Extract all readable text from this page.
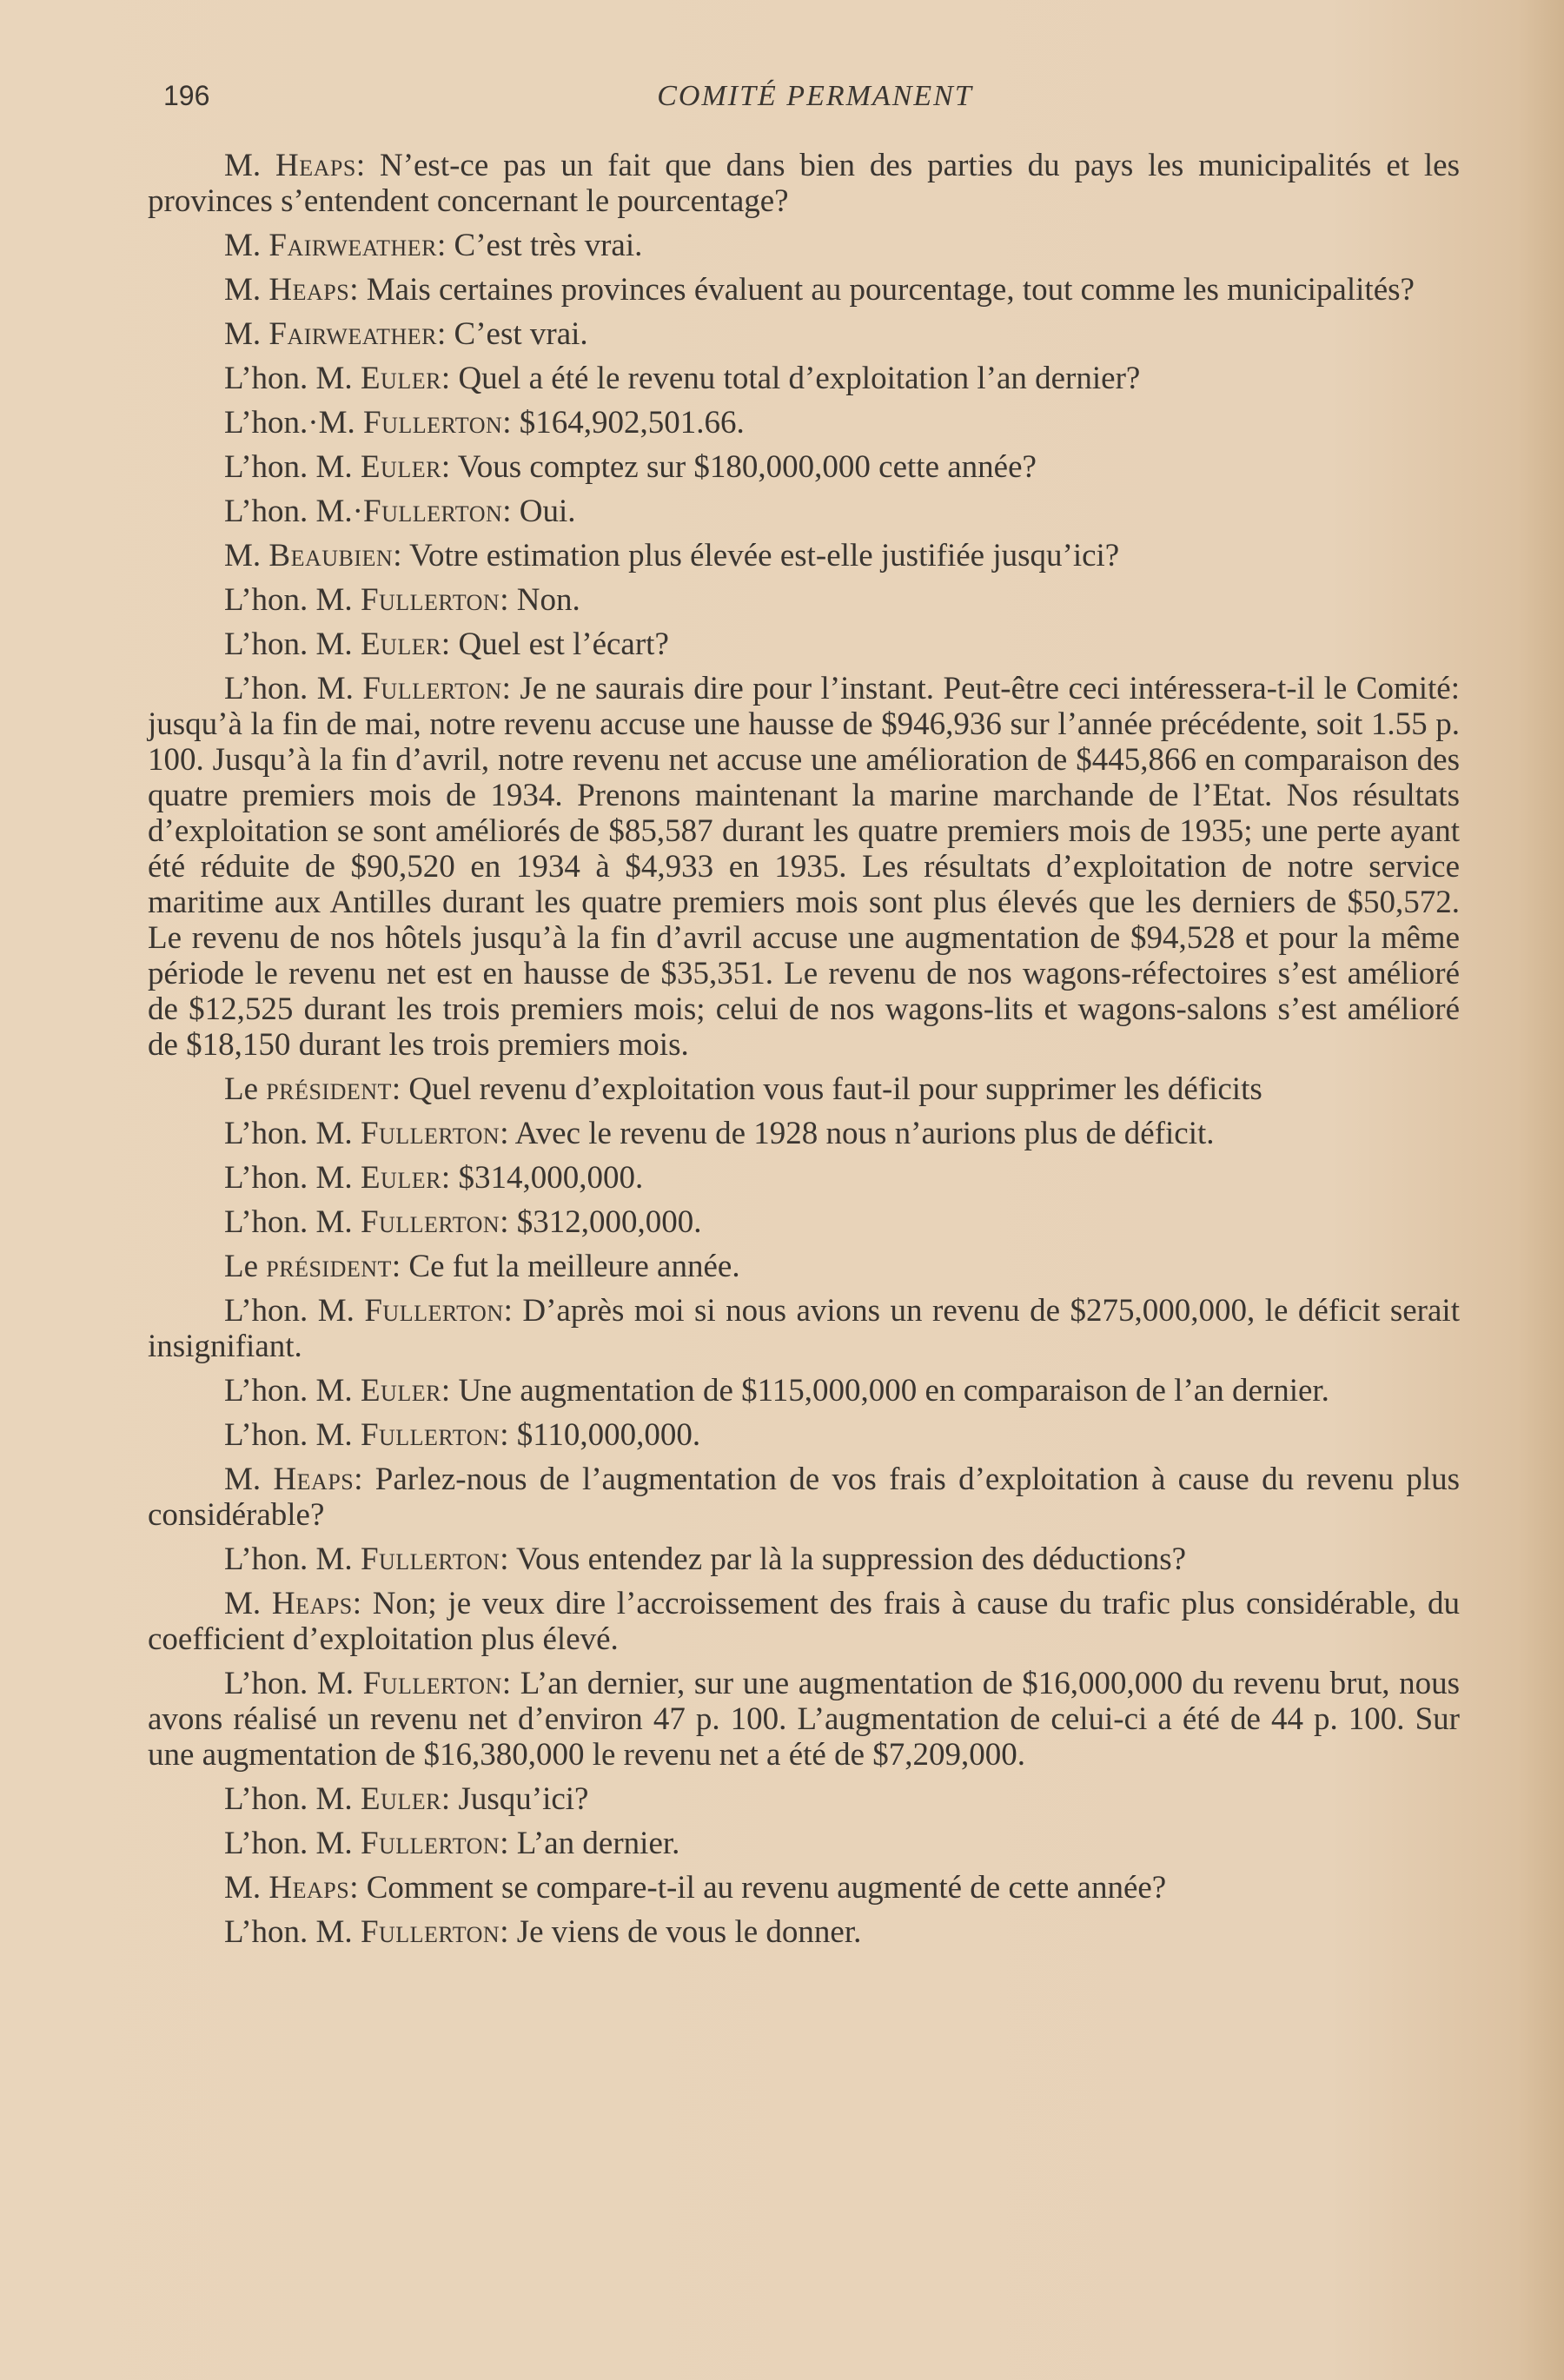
196	COMITÉ PERMANENT

M. Heaps: N’est-ce pas un fait que dans bien des parties du pays les municipalités et les provinces s’entendent concernant le pourcentage?

M. Fairweather: C’est très vrai.

M. Heaps: Mais certaines provinces évaluent au pourcentage, tout comme les municipalités?

M. Fairweather: C’est vrai.

L’hon. M. Euler: Quel a été le revenu total d’exploitation l’an dernier?

L’hon.·M. Fullerton: $164,902,501.66.

L’hon. M. Euler: Vous comptez sur $180,000,000 cette année?

L’hon. M.·Fullerton: Oui.

M. Beaubien: Votre estimation plus élevée est-elle justifiée jusqu’ici?

L’hon. M. Fullerton: Non.

L’hon. M. Euler: Quel est l’écart?

L’hon. M. Fullerton: Je ne saurais dire pour l’instant. Peut-être ceci intéressera-t-il le Comité: jusqu’à la fin de mai, notre revenu accuse une hausse de $946,936 sur l’année précédente, soit 1.55 p. 100. Jusqu’à la fin d’avril, notre revenu net accuse une amélioration de $445,866 en comparaison des quatre premiers mois de 1934. Prenons maintenant la marine marchande de l’Etat. Nos résultats d’exploitation se sont améliorés de $85,587 durant les quatre premiers mois de 1935; une perte ayant été réduite de $90,520 en 1934 à $4,933 en 1935. Les résultats d’exploitation de notre service maritime aux Antilles durant les quatre premiers mois sont plus élevés que les derniers de $50,572. Le revenu de nos hôtels jusqu’à la fin d’avril accuse une augmentation de $94,528 et pour la même période le revenu net est en hausse de $35,351. Le revenu de nos wagons-réfectoires s’est amélioré de $12,525 durant les trois premiers mois; celui de nos wagons-lits et wagons-salons s’est amélioré de $18,150 durant les trois premiers mois.

Le président: Quel revenu d’exploitation vous faut-il pour supprimer les déficits

L’hon. M. Fullerton: Avec le revenu de 1928 nous n’aurions plus de déficit.

L’hon. M. Euler: $314,000,000.

L’hon. M. Fullerton: $312,000,000.

Le président: Ce fut la meilleure année.

L’hon. M. Fullerton: D’après moi si nous avions un revenu de $275,000,000, le déficit serait insignifiant.

L’hon. M. Euler: Une augmentation de $115,000,000 en comparaison de l’an dernier.

L’hon. M. Fullerton: $110,000,000.

M. Heaps: Parlez-nous de l’augmentation de vos frais d’exploitation à cause du revenu plus considérable?

L’hon. M. Fullerton: Vous entendez par là la suppression des déductions?

M. Heaps: Non; je veux dire l’accroissement des frais à cause du trafic plus considérable, du coefficient d’exploitation plus élevé.

L’hon. M. Fullerton: L’an dernier, sur une augmentation de $16,000,000 du revenu brut, nous avons réalisé un revenu net d’environ 47 p. 100. L’augmentation de celui-ci a été de 44 p. 100. Sur une augmentation de $16,380,000 le revenu net a été de $7,209,000.

L’hon. M. Euler: Jusqu’ici?

L’hon. M. Fullerton: L’an dernier.

M. Heaps: Comment se compare-t-il au revenu augmenté de cette année?

L’hon. M. Fullerton: Je viens de vous le donner.
